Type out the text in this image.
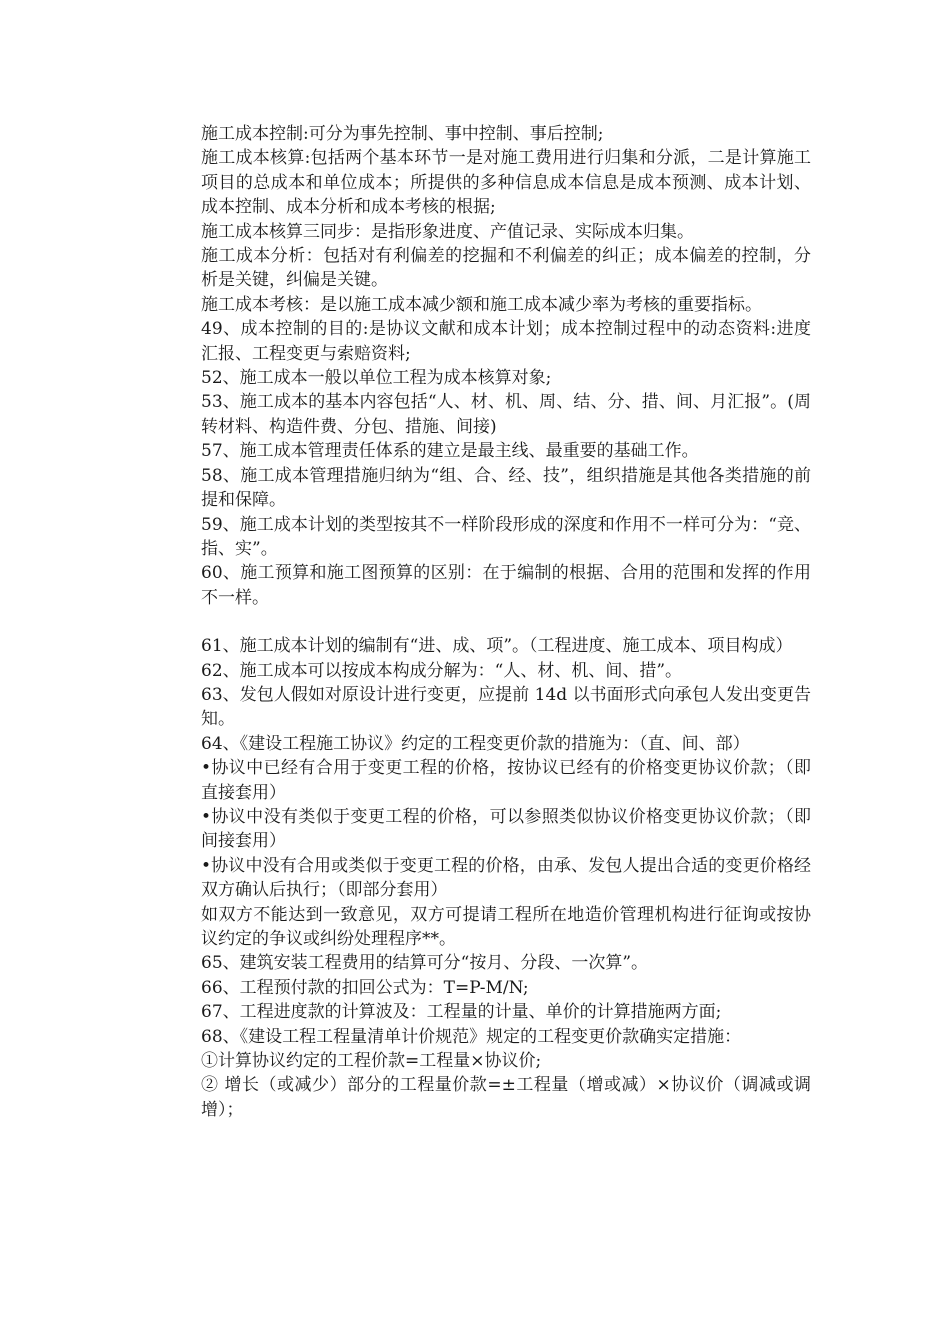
施工成本控制:可分为事先控制、事中控制、事后控制;

施工成本核算:包括两个基本环节一是对施工费用进行归集和分派，二是计算施工项目的总成本和单位成本；所提供的多种信息成本信息是成本预测、成本计划、成本控制、成本分析和成本考核的根据;

施工成本核算三同步：是指形象进度、产值记录、实际成本归集。

施工成本分析：包括对有利偏差的挖掘和不利偏差的纠正；成本偏差的控制，分析是关键，纠偏是关键。

施工成本考核：是以施工成本减少额和施工成本减少率为考核的重要指标。

49、成本控制的目的:是协议文献和成本计划；成本控制过程中的动态资料:进度汇报、工程变更与索赔资料;

52、施工成本一般以单位工程为成本核算对象;

53、施工成本的基本内容包括“人、材、机、周、结、分、措、间、月汇报”。(周转材料、构造件费、分包、措施、间接)

57、施工成本管理责任体系的建立是最主线、最重要的基础工作。

58、施工成本管理措施归纳为“组、合、经、技”，组织措施是其他各类措施的前提和保障。

59、施工成本计划的类型按其不一样阶段形成的深度和作用不一样可分为：“竞、指、实”。

60、施工预算和施工图预算的区别：在于编制的根据、合用的范围和发挥的作用不一样。

61、施工成本计划的编制有“进、成、项”。（工程进度、施工成本、项目构成）

62、施工成本可以按成本构成分解为：“人、材、机、间、措”。

63、发包人假如对原设计进行变更，应提前 14d 以书面形式向承包人发出变更告知。

64、《建设工程施工协议》约定的工程变更价款的措施为：（直、间、部）

•协议中已经有合用于变更工程的价格，按协议已经有的价格变更协议价款；（即直接套用）

•协议中没有类似于变更工程的价格，可以参照类似协议价格变更协议价款；（即间接套用）

•协议中没有合用或类似于变更工程的价格，由承、发包人提出合适的变更价格经双方确认后执行；（即部分套用）

如双方不能达到一致意见，双方可提请工程所在地造价管理机构进行征询或按协议约定的争议或纠纷处理程序**。

65、建筑安装工程费用的结算可分“按月、分段、一次算”。

66、工程预付款的扣回公式为：T=P-M/N;

67、工程进度款的计算波及：工程量的计量、单价的计算措施两方面;

68、《建设工程工程量清单计价规范》规定的工程变更价款确实定措施：

①计算协议约定的工程价款=工程量×协议价;

② 增长（或减少）部分的工程量价款=±工程量（增或减）×协议价（调减或调增）；
